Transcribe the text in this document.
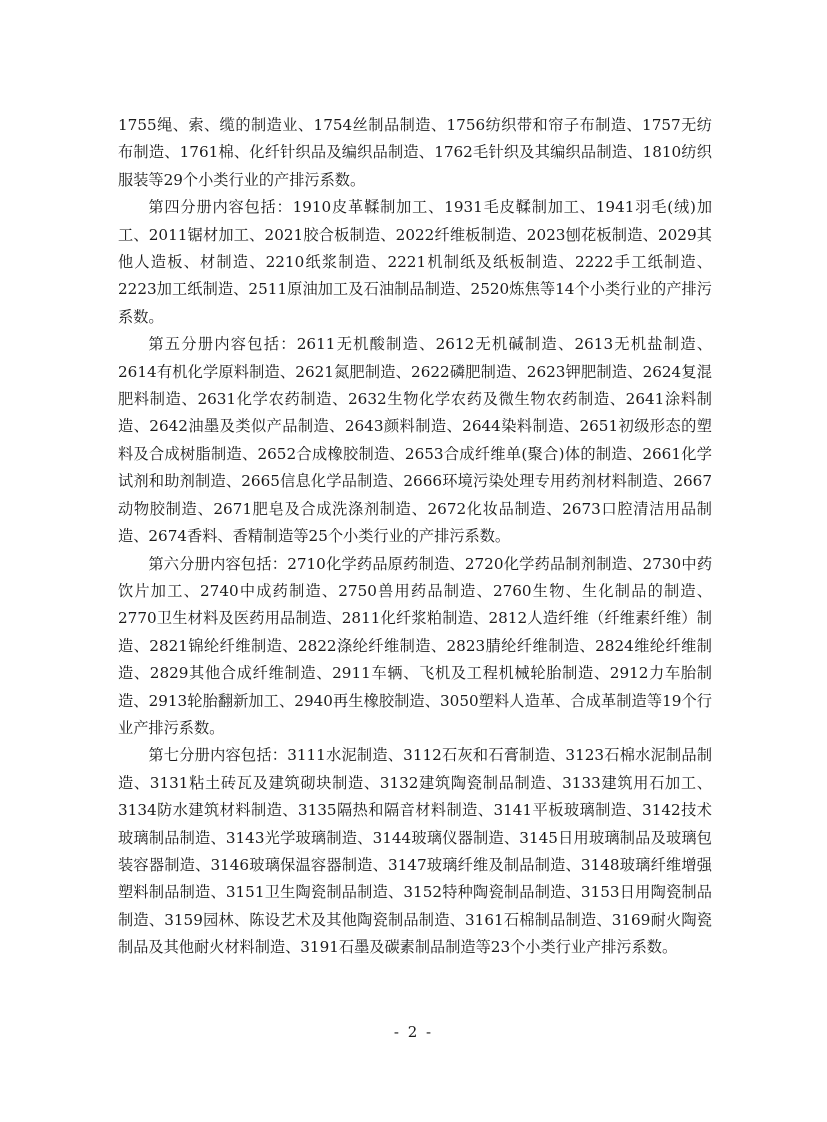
1755绳、索、缆的制造业、1754丝制品制造、1756纺织带和帘子布制造、1757无纺布制造、1761棉、化纤针织品及编织品制造、1762毛针织及其编织品制造、1810纺织服装等29个小类行业的产排污系数。

第四分册内容包括：1910皮革鞣制加工、1931毛皮鞣制加工、1941羽毛(绒)加工、2011锯材加工、2021胶合板制造、2022纤维板制造、2023刨花板制造、2029其他人造板、材制造、2210纸浆制造、2221机制纸及纸板制造、2222手工纸制造、2223加工纸制造、2511原油加工及石油制品制造、2520炼焦等14个小类行业的产排污系数。

第五分册内容包括：2611无机酸制造、2612无机碱制造、2613无机盐制造、2614有机化学原料制造、2621氮肥制造、2622磷肥制造、2623钾肥制造、2624复混肥料制造、2631化学农药制造、2632生物化学农药及微生物农药制造、2641涂料制造、2642油墨及类似产品制造、2643颜料制造、2644染料制造、2651初级形态的塑料及合成树脂制造、2652合成橡胶制造、2653合成纤维单(聚合)体的制造、2661化学试剂和助剂制造、2665信息化学品制造、2666环境污染处理专用药剂材料制造、2667动物胶制造、2671肥皂及合成洗涤剂制造、2672化妆品制造、2673口腔清洁用品制造、2674香料、香精制造等25个小类行业的产排污系数。

第六分册内容包括：2710化学药品原药制造、2720化学药品制剂制造、2730中药饮片加工、2740中成药制造、2750兽用药品制造、2760生物、生化制品的制造、2770卫生材料及医药用品制造、2811化纤浆粕制造、2812人造纤维（纤维素纤维）制造、2821锦纶纤维制造、2822涤纶纤维制造、2823腈纶纤维制造、2824维纶纤维制造、2829其他合成纤维制造、2911车辆、飞机及工程机械轮胎制造、2912力车胎制造、2913轮胎翻新加工、2940再生橡胶制造、3050塑料人造革、合成革制造等19个行业产排污系数。

第七分册内容包括：3111水泥制造、3112石灰和石膏制造、3123石棉水泥制品制造、3131粘土砖瓦及建筑砌块制造、3132建筑陶瓷制品制造、3133建筑用石加工、3134防水建筑材料制造、3135隔热和隔音材料制造、3141平板玻璃制造、3142技术玻璃制品制造、3143光学玻璃制造、3144玻璃仪器制造、3145日用玻璃制品及玻璃包装容器制造、3146玻璃保温容器制造、3147玻璃纤维及制品制造、3148玻璃纤维增强塑料制品制造、3151卫生陶瓷制品制造、3152特种陶瓷制品制造、3153日用陶瓷制品制造、3159园林、陈设艺术及其他陶瓷制品制造、3161石棉制品制造、3169耐火陶瓷制品及其他耐火材料制造、3191石墨及碳素制品制造等23个小类行业产排污系数。

- 2 -
